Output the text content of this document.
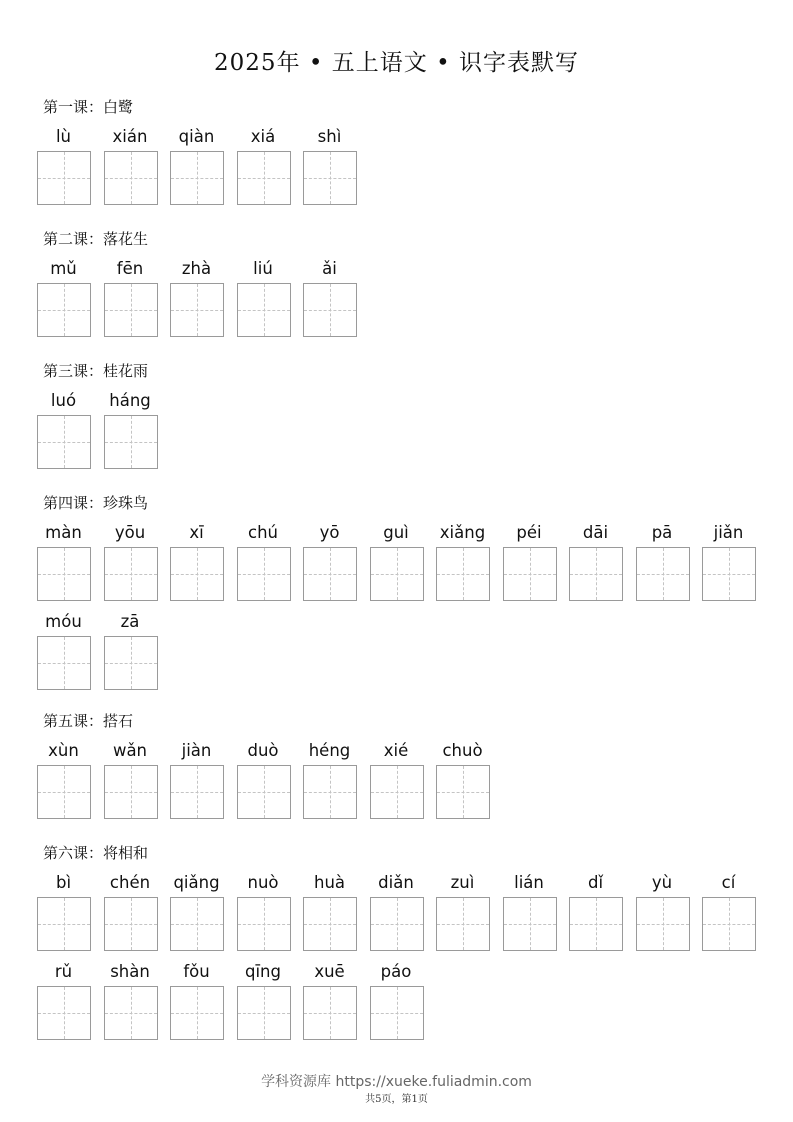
2025年 • 五上语文 • 识字表默写
第一课：白鹭
lù	xián	qiàn	xiá	shì
第二课：落花生
mǔ	fēn	zhà	liú	ǎi
第三课：桂花雨
luó	háng
第四课：珍珠鸟
màn	yōu	xī	chú	yō	guì	xiǎng	péi	dāi	pā	jiǎn
móu	zā
第五课：搭石
xùn	wǎn	jiàn	duò	héng	xié	chuò
第六课：将相和
bì	chén	qiǎng	nuò	huà	diǎn	zuì	lián	dǐ	yù	cí
rǔ	shàn	fǒu	qīng	xuē	páo
学科资源库 https://xueke.fuliadmin.com
共5页，第1页
